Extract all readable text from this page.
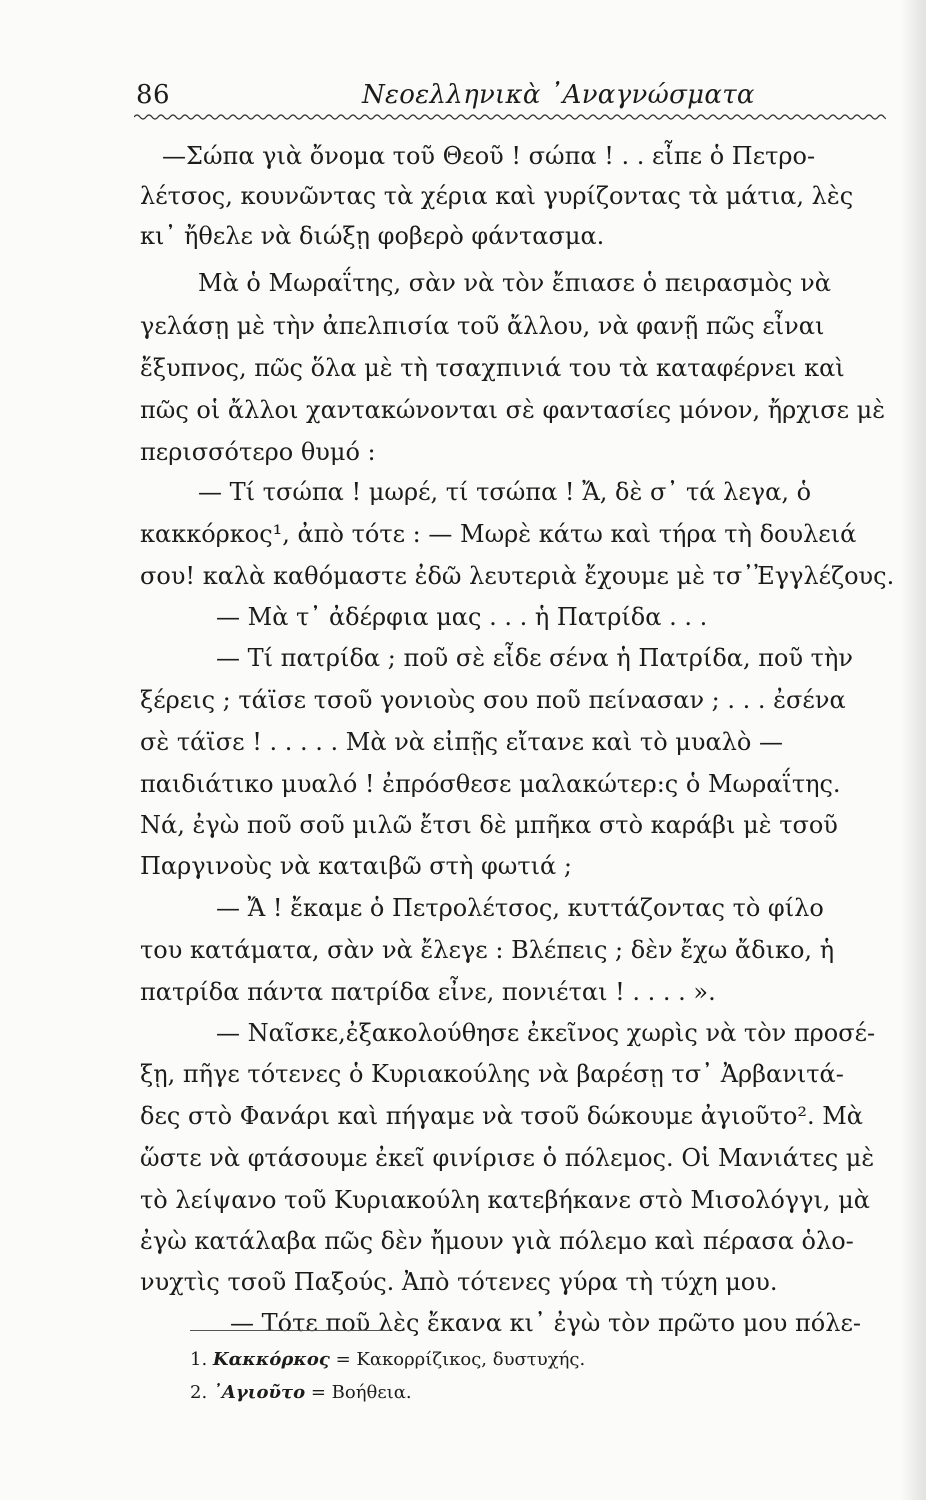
86	Νεοελληνικὰ ᾿Αναγνώσματα
—Σώπα γιὰ ὄνομα τοῦ Θεοῦ ! σώπα ! . . εἶπε ὁ Πετρο-
λέτσος, κουνῶντας τὰ χέρια καὶ γυρίζοντας τὰ μάτια, λὲς
κι᾿ ἤθελε νὰ διώξῃ φοβερὸ φάντασμα.
Μὰ ὁ Μωραΐτης, σὰν νὰ τὸν ἔπιασε ὁ πειρασμὸς νὰ
γελάσῃ μὲ τὴν ἀπελπισία τοῦ ἄλλου, νὰ φανῇ πῶς εἶναι
ἔξυπνος, πῶς ὅλα μὲ τὴ τσαχπινιά του τὰ καταφέρνει καὶ
πῶς οἱ ἄλλοι χαντακώνονται σὲ φαντασίες μόνον, ἤρχισε μὲ
περισσότερο θυμό :
— Τί τσώπα ! μωρέ, τί τσώπα ! Ἄ, δὲ σ᾿ τά λεγα, ὁ
κακκόρκος¹, ἀπὸ τότε : — Μωρὲ κάτω καὶ τήρα τὴ δουλειά
σου! καλὰ καθόμαστε ἐδῶ λευτεριὰ ἔχουμε μὲ τσ᾿Ἐγγλέζους.
— Μὰ τ᾿ ἀδέρφια μας . . . ἡ Πατρίδα . . .
— Τί πατρίδα ; ποῦ σὲ εἶδε σένα ἡ Πατρίδα, ποῦ τὴν
ξέρεις ; τάϊσε τσοῦ γονιοὺς σου ποῦ πείνασαν ; . . . ἐσένα
σὲ τάϊσε ! . . . . . Μὰ νὰ εἰπῇς εἴτανε καὶ τὸ μυαλὸ —
παιδιάτικο μυαλό ! ἐπρόσθεσε μαλακώτερ:ς ὁ Μωραΐτης.
Νά, ἐγὼ ποῦ σοῦ μιλῶ ἔτσι δὲ μπῆκα στὸ καράβι μὲ τσοῦ
Παργινοὺς νὰ καταιβῶ στὴ φωτιά ;
— Ἄ ! ἔκαμε ὁ Πετρολέτσος, κυττάζοντας τὸ φίλο
του κατάματα, σὰν νὰ ἔλεγε : Βλέπεις ; δὲν ἔχω ἄδικο, ἡ
πατρίδα πάντα πατρίδα εἶνε, πονιέται ! . . . . ».
— Ναῖσκε,ἐξακολούθησε ἐκεῖνος χωρὶς νὰ τὸν προσέ-
ξῃ, πῆγε τότενες ὁ Κυριακούλης νὰ βαρέσῃ τσ᾿ Ἀρβανιτά-
δες στὸ Φανάρι καὶ πήγαμε νὰ τσοῦ δώκουμε ἀγιοῦτο². Μὰ
ὥστε νὰ φτάσουμε ἐκεῖ φινίρισε ὁ πόλεμος. Οἱ Μανιάτες μὲ
τὸ λείψανο τοῦ Κυριακούλη κατεβήκανε στὸ Μισολόγγι, μὰ
ἐγὼ κατάλαβα πῶς δὲν ἤμουν γιὰ πόλεμο καὶ πέρασα ὁλο-
νυχτὶς τσοῦ Παξούς. Ἀπὸ τότενες γύρα τὴ τύχη μου.
— Τότε ποῦ λὲς ἔκανα κι᾿ ἐγὼ τὸν πρῶτο μου πόλε-
1. Κακκόρκος = Κακορρίζικος, δυστυχής.
2. ᾿Αγιοῦτο = Βοήθεια.
